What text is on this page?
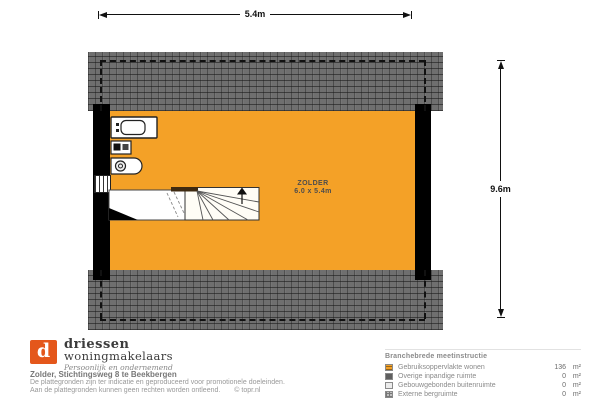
5.4m
9.6m
ZOLDER
6.0 x 5.4m
d	driessen
woningmakelaars
Persoonlijk en ondernemend
Zolder, Stichtingsweg 8 te Beekbergen
De plattegronden zijn ter indicatie en geproduceerd voor promotionele doeleinden.
Aan de plattegronden kunnen geen rechten worden ontleend. © topr.nl
Branchebrede meetinstructie
Gebruiksoppervlakte wonen	136 m²
Overige inpandige ruimte	0 m²
Gebouwgebonden buitenruimte	0 m²
Externe bergruimte	0 m²
